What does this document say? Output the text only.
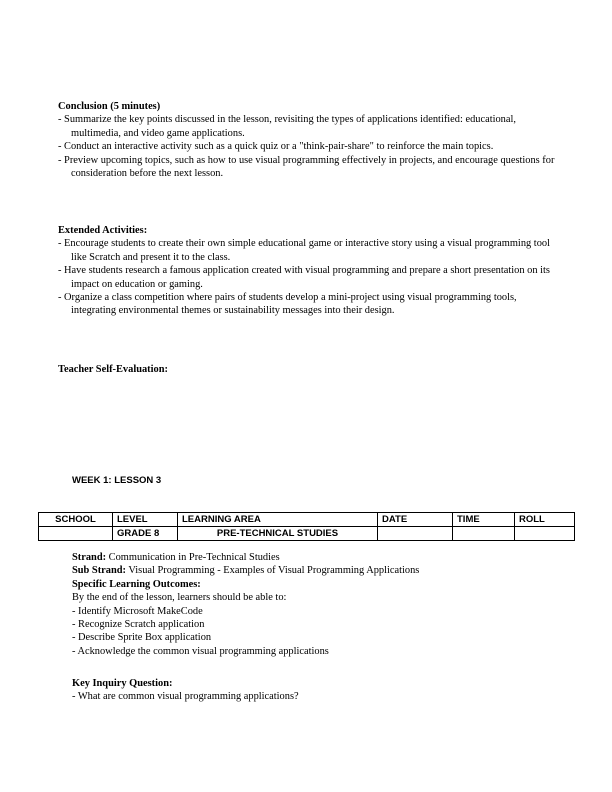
Conclusion (5 minutes)
- Summarize the key points discussed in the lesson, revisiting the types of applications identified: educational, multimedia, and video game applications.
- Conduct an interactive activity such as a quick quiz or a "think-pair-share" to reinforce the main topics.
- Preview upcoming topics, such as how to use visual programming effectively in projects, and encourage questions for consideration before the next lesson.
Extended Activities:
- Encourage students to create their own simple educational game or interactive story using a visual programming tool like Scratch and present it to the class.
- Have students research a famous application created with visual programming and prepare a short presentation on its impact on education or gaming.
- Organize a class competition where pairs of students develop a mini-project using visual programming tools, integrating environmental themes or sustainability messages into their design.
Teacher Self-Evaluation:
WEEK 1: LESSON 3
SCHOOL	LEVEL	LEARNING AREA	DATE	TIME	ROLL
	GRADE 8	PRE-TECHNICAL STUDIES			
Strand: Communication in Pre-Technical Studies
Sub Strand: Visual Programming - Examples of Visual Programming Applications
Specific Learning Outcomes:
By the end of the lesson, learners should be able to:
- Identify Microsoft MakeCode
- Recognize Scratch application
- Describe Sprite Box application
- Acknowledge the common visual programming applications
Key Inquiry Question:
- What are common visual programming applications?
